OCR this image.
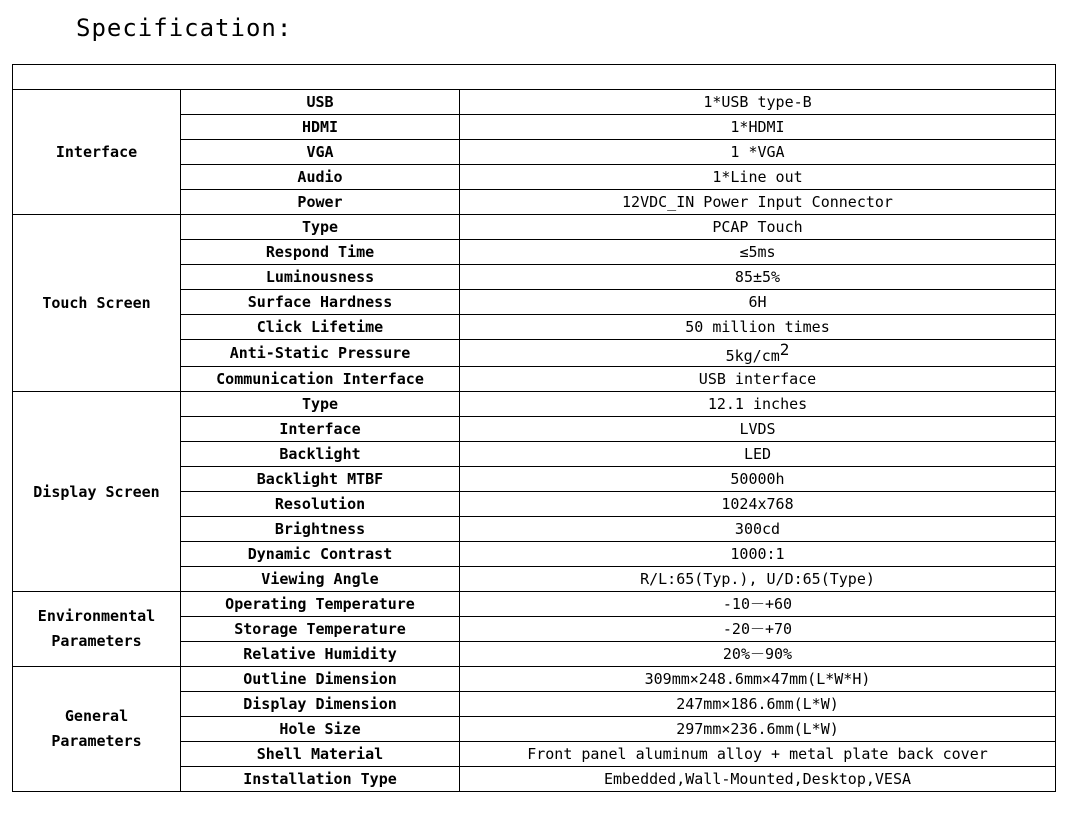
Specification:

Interface	USB	1*USB type-B
	HDMI	1*HDMI
	VGA	1 *VGA
	Audio	1*Line out
	Power	12VDC_IN Power Input Connector
Touch Screen	Type	PCAP Touch
	Respond Time	≤5ms
	Luminousness	85±5%
	Surface Hardness	6H
	Click Lifetime	50 million times
	Anti-Static Pressure	$5kg/cm^2$
	Communication Interface	USB interface
Display Screen	Type	12.1 inches
	Interface	LVDS
	Backlight	LED
	Backlight MTBF	50000h
	Resolution	1024x768
	Brightness	300cd
	Dynamic Contrast	1000:1
	Viewing Angle	R/L:65(Typ.), U/D:65(Type)
Environmental Parameters	Operating Temperature	-10－+60
	Storage Temperature	-20－+70
	Relative Humidity	20%－90%
General Parameters	Outline Dimension	309mm×248.6mm×47mm(L*W*H)
	Display Dimension	247mm×186.6mm(L*W)
	Hole Size	297mm×236.6mm(L*W)
	Shell Material	Front panel aluminum alloy + metal plate back cover
	Installation Type	Embedded,Wall-Mounted,Desktop,VESA
